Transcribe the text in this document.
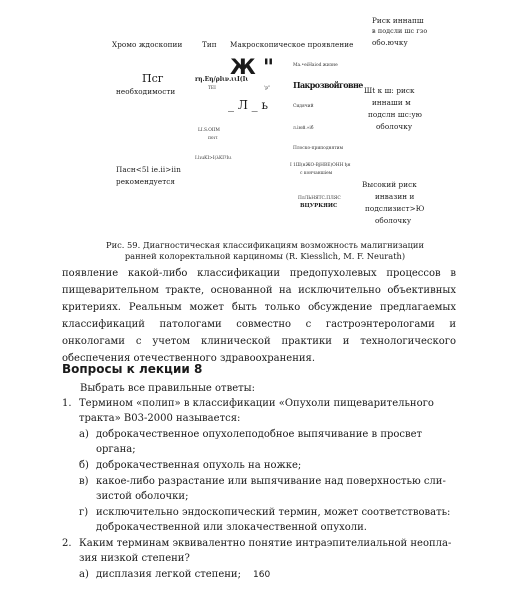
Хромо ждоскопии	Тип Макроскопическое проявление
Риск иннапш
в подсли шс гзо
обо.ючку
Псг
необходимости
Пасн<5l ie.ii>iin
рекомендуется
rη.Εη/ρlιν.ιιΙ(Ιι
ΤΕΙ
LI.S.OΙΙΜ
ποιτ
I.lιuΚΙ>Ι(λΚΙ?Ιιι
Ж "
_ Л _ ь
'р"
Ma.•eiHaiod жизне
Пакрозвойговне
Сидячий
л.iюй.»iб
Плоско-приподнятим
I 1Ш(нЖО-ВјНВЕ)ΟΗΗ ђн
с кончаншіем
ПлЛЬНЯТС.ПЛЯС
ВЦУРКЯИС
Шt к ш: риск
иннаши м
подслн шс:ую
оболочку
Высокий риск
инвазин и
подслизист>Ю
оболочку
Рис. 59. Диагностическая классификациям возможность малигнизации
ранней колоректальной карциномы (R. Kiesslich, M. F. Neurath)
появление какой-либо классификации предопухолевых процессов в пищеварительном тракте, основанной на исключительно объективных критериях. Реальным может быть только обсуждение предлагаемых классификаций патологами совместно с гастроэнтерологами и онкологами с учетом клинической практики и технологического обеспечения отечественного здравоохранения.
Вопросы к лекции 8
Выбрать все правильные ответы:
1. Термином «полип» в классификации «Опухоли пищеварительного
тракта» В03-2000 называется:
а) доброкачественное опухолеподобное выпячивание в просвет
органа;
б) доброкачественная опухоль на ножке;
в) какое-либо разрастание или выпячивание над поверхностью сли-
зистой оболочки;
г) исключительно эндоскопический термин, может соответствовать:
доброкачественной или злокачественной опухоли.
2. Каким терминам эквивалентно понятие интраэпителиальной неопла-
зия низкой степени?
а) дисплазия легкой степени; 160
